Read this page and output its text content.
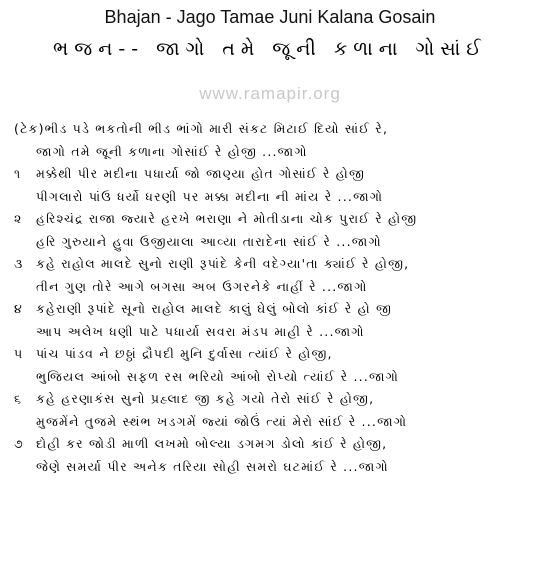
Bhajan - Jago Tamae Juni Kalana Gosain
ભજન-- જાગો તમે જૂની કળાના ગોસાંઈ
www.ramapir.org
(ટેક)ભીડ પડે ભકતોની ભીડ ભાંગો મારી સંકટ મિટાઈ દિયો સાંઈ રે,
જાગો તમે જૂની કળાના ગોસાંઈ રે હોજી ...જાગો
૧ મક્કેથી પીર મદીના પધાર્યા જો જાણ્યા હોત ગોસાંઈ રે હોજી
પીગલારો પાંઉ ધર્યો ધરણી પર મક્કા મદીના ની માંય રે ...જાગો
૨ હરિશ્ચંદ્ર રાજા જ્યારે હરખે ભરાણા ને મોતીડાના ચોક પુરાઈ રે હોજી
હરિ ગુરુયાને હુવા ઉજીયાલા આવ્યા તારાદેના સાંઈ રે ...જાગો
૩ કહે રાહોલ માલદે સુનો રાણી રૂપાંદે કેની વદેગ્યા'તા ક્યાંઈ રે હોજી,
તીન ગુણ તોરે આગે બગસા અબ ઉગરનેકે નાહીં રે ...જાગો
૪ કહેરાણી રૂપાંદે સૂનો રાહોલ માલદે કાલું ઘેલું બોલો કાંઈ રે હો જી
આપ અલેખ ધણી પાટે પધાર્યા સવરા મંડપ માહી રે ...જાગો
૫ પાંચ પાંડવ ને છઠ્ઠાં દ્રૌપદી મુનિ દુર્વાસા ત્યાંઈ રે હોજી,
ભુજિયલ આંબો સફળ રસ ભરિયો આંબો રોપ્યો ત્યાંઈ રે ...જાગો
૬ કહે હરણાકંસ સુનો પ્રહ્લાદ જી કહે ગયો તેરો સાંઈ રે હોજી,
મુજમેંને તુજમે સ્થંભ ખડગમેં જ્યાં જોઉં ત્યાં મેરો સાંઈ રે ...જાગો
૭ દોહી કર જોડી માળી લખમો બોલ્યા ડગમગ ડોલો કાંઈ રે હોજી,
જેણે સમર્યા પીર અનેક તરિયા સોહી સમરો ઘટમાંઈ રે ...જાગો
